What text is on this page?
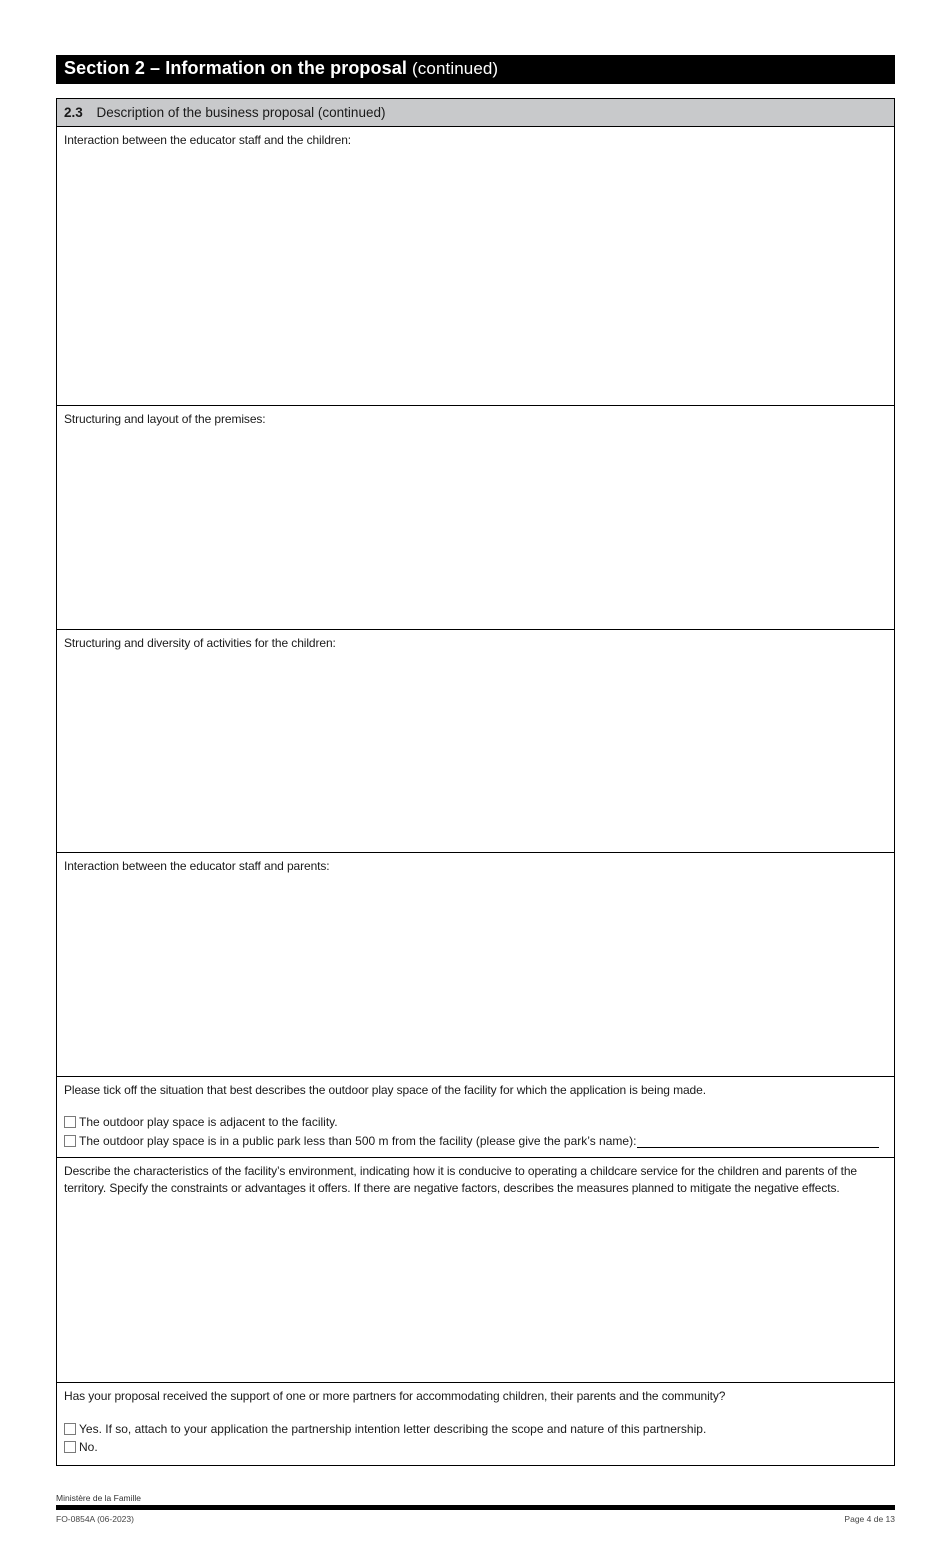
Section 2 – Information on the proposal (continued)
2.3 Description of the business proposal (continued)
Interaction between the educator staff and the children:
Structuring and layout of the premises:
Structuring and diversity of activities for the children:
Interaction between the educator staff and parents:
Please tick off the situation that best describes the outdoor play space of the facility for which the application is being made.
The outdoor play space is adjacent to the facility.
The outdoor play space is in a public park less than 500 m from the facility (please give the park’s name):
Describe the characteristics of the facility’s environment, indicating how it is conducive to operating a childcare service for the children and parents of the territory. Specify the constraints or advantages it offers. If there are negative factors, describes the measures planned to mitigate the negative effects.
Has your proposal received the support of one or more partners for accommodating children, their parents and the community?
Yes. If so, attach to your application the partnership intention letter describing the scope and nature of this partnership.
No.
Ministère de la Famille
FO-0854A (06-2023)	Page 4 de 13
